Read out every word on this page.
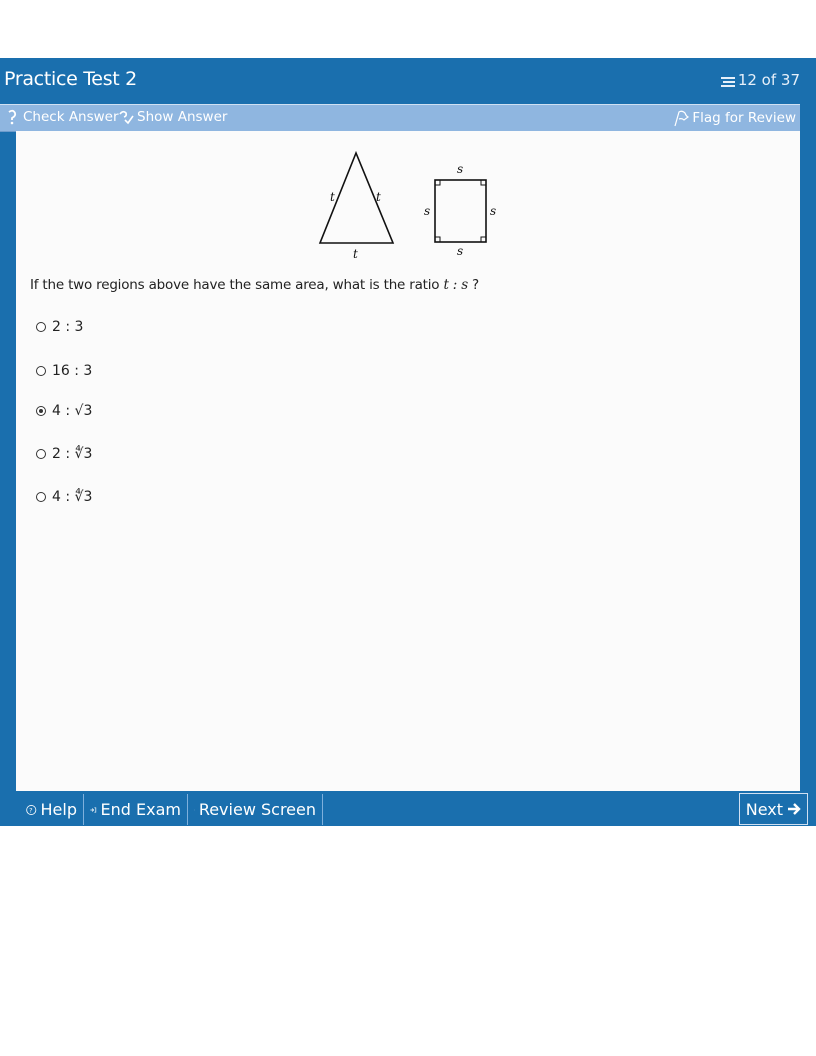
Practice Test 2	12 of 37
Check Answer Show Answer	Flag for Review
t	t
t
s
s	s
s
If the two regions above have the same area, what is the ratio t : s ?
2 : 3
16 : 3
4 : √3
2 : ∜3
4 : ∜3
? Help End Exam Review Screen	Next
